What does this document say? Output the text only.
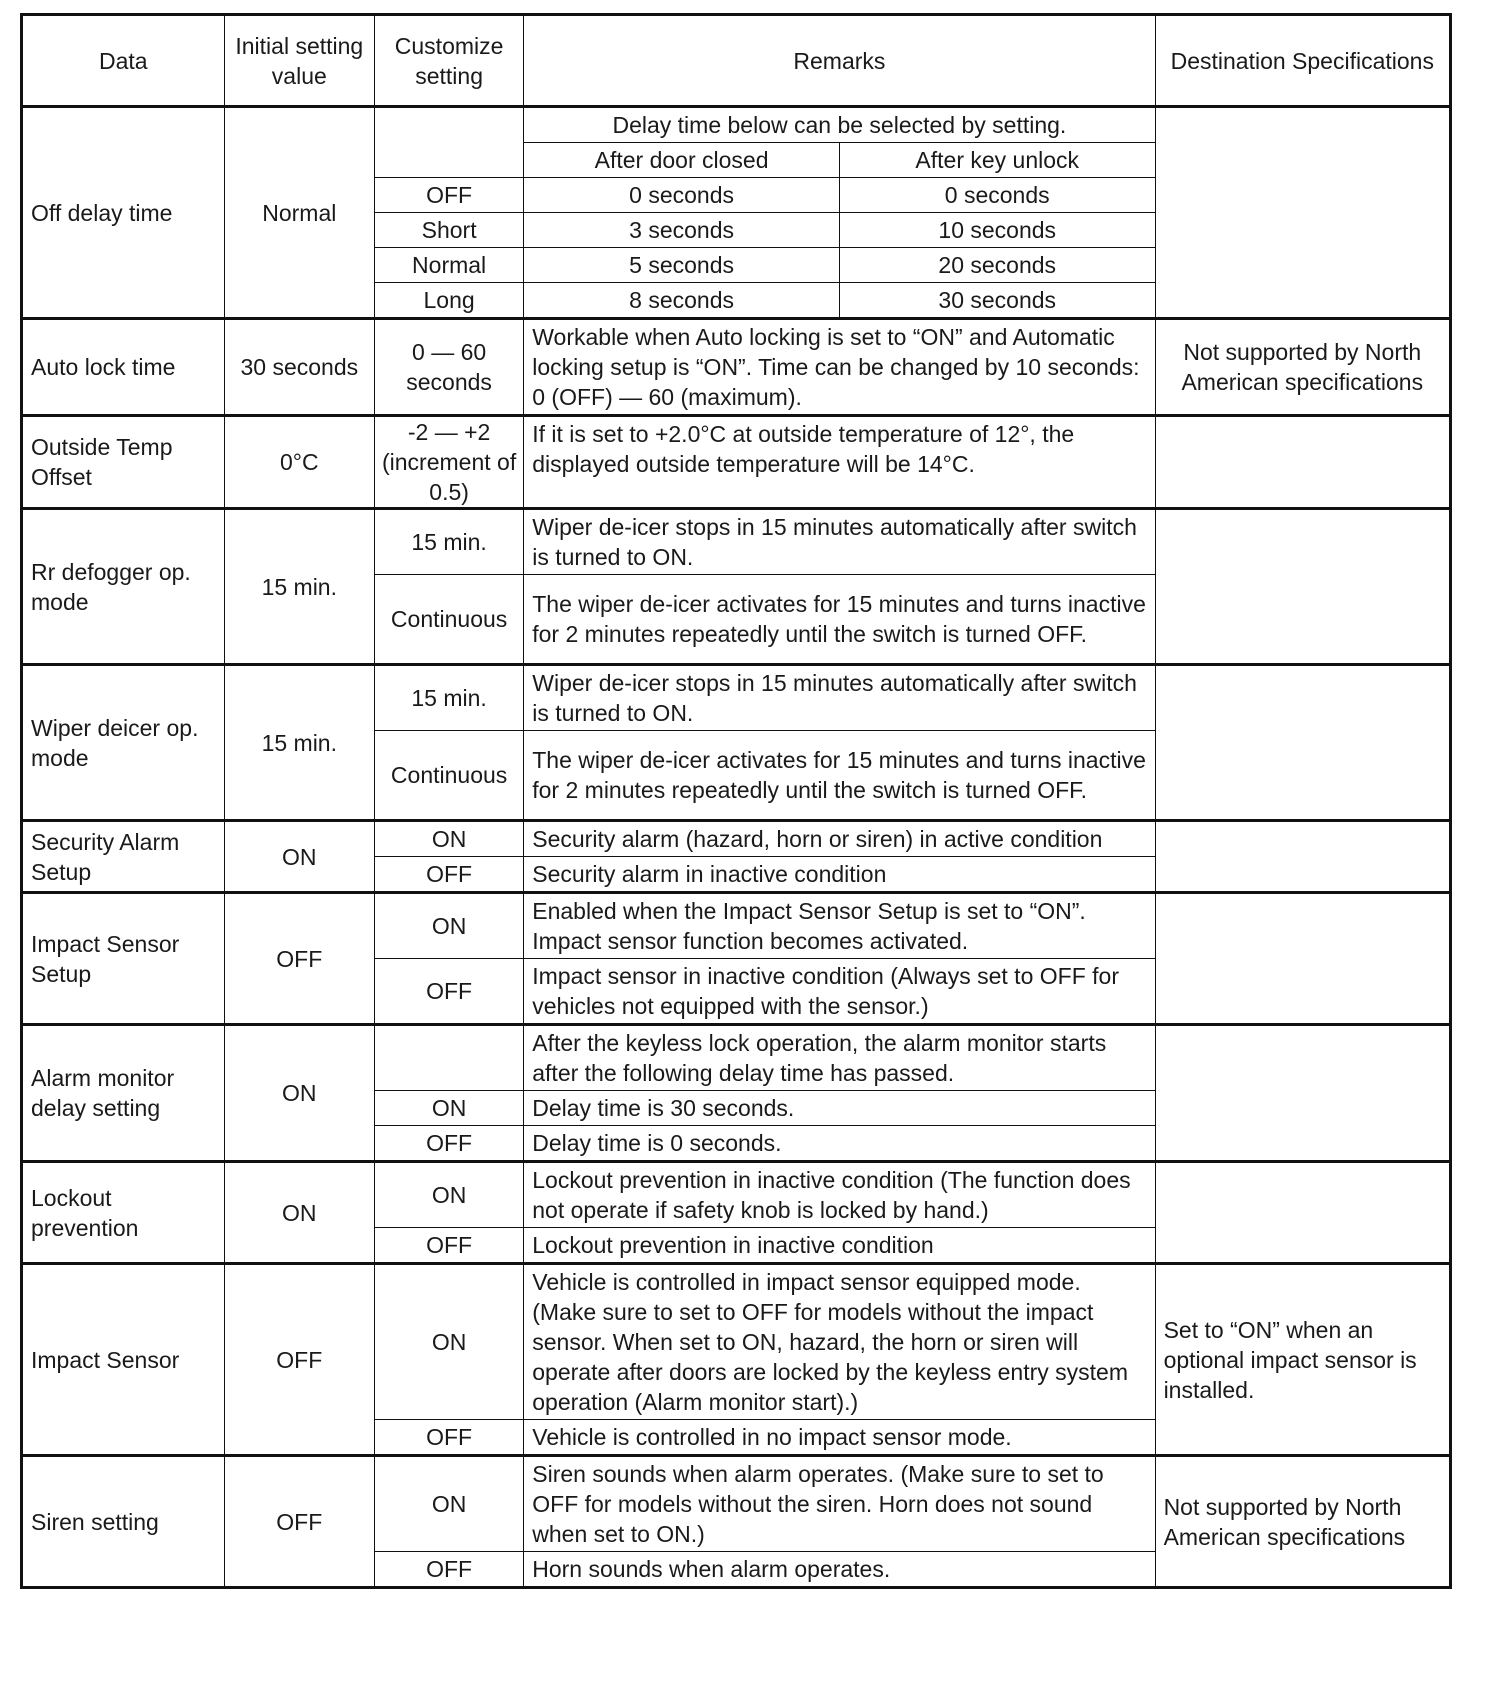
Data	Initial setting value	Customize setting	Remarks		Destination Specifications
Off delay time	Normal		Delay time below can be selected by setting.		
			After door closed	After key unlock	
		OFF	0 seconds	0 seconds	
		Short	3 seconds	10 seconds	
		Normal	5 seconds	20 seconds	
		Long	8 seconds	30 seconds	
Auto lock time	30 seconds	0 — 60 seconds	Workable when Auto locking is set to “ON” and Automatic locking setup is “ON”. Time can be changed by 10 seconds: 0 (OFF) — 60 (maximum).		Not supported by North American specifications
Outside Temp Offset	0°C	-2 — +2 (increment of 0.5)	If it is set to +2.0°C at outside temperature of 12°, the displayed outside temperature will be 14°C.		
Rr defogger op. mode	15 min.	15 min.	Wiper de-icer stops in 15 minutes automatically after switch is turned to ON.		
		Continuous	The wiper de-icer activates for 15 minutes and turns inactive for 2 minutes repeatedly until the switch is turned OFF.		
Wiper deicer op. mode	15 min.	15 min.	Wiper de-icer stops in 15 minutes automatically after switch is turned to ON.		
		Continuous	The wiper de-icer activates for 15 minutes and turns inactive for 2 minutes repeatedly until the switch is turned OFF.		
Security Alarm Setup	ON	ON	Security alarm (hazard, horn or siren) in active condition		
		OFF	Security alarm in inactive condition		
Impact Sensor Setup	OFF	ON	Enabled when the Impact Sensor Setup is set to “ON”. Impact sensor function becomes activated.		
		OFF	Impact sensor in inactive condition (Always set to OFF for vehicles not equipped with the sensor.)		
Alarm monitor delay setting	ON		After the keyless lock operation, the alarm monitor starts after the following delay time has passed.		
		ON	Delay time is 30 seconds.		
		OFF	Delay time is 0 seconds.		
Lockout prevention	ON	ON	Lockout prevention in inactive condition (The function does not operate if safety knob is locked by hand.)		
		OFF	Lockout prevention in inactive condition		
Impact Sensor	OFF	ON	Vehicle is controlled in impact sensor equipped mode. (Make sure to set to OFF for models without the impact sensor. When set to ON, hazard, the horn or siren will operate after doors are locked by the keyless entry system operation (Alarm monitor start).)		Set to “ON” when an optional impact sensor is installed.
		OFF	Vehicle is controlled in no impact sensor mode.		
Siren setting	OFF	ON	Siren sounds when alarm operates. (Make sure to set to OFF for models without the siren. Horn does not sound when set to ON.)		Not supported by North American specifications
		OFF	Horn sounds when alarm operates.		
